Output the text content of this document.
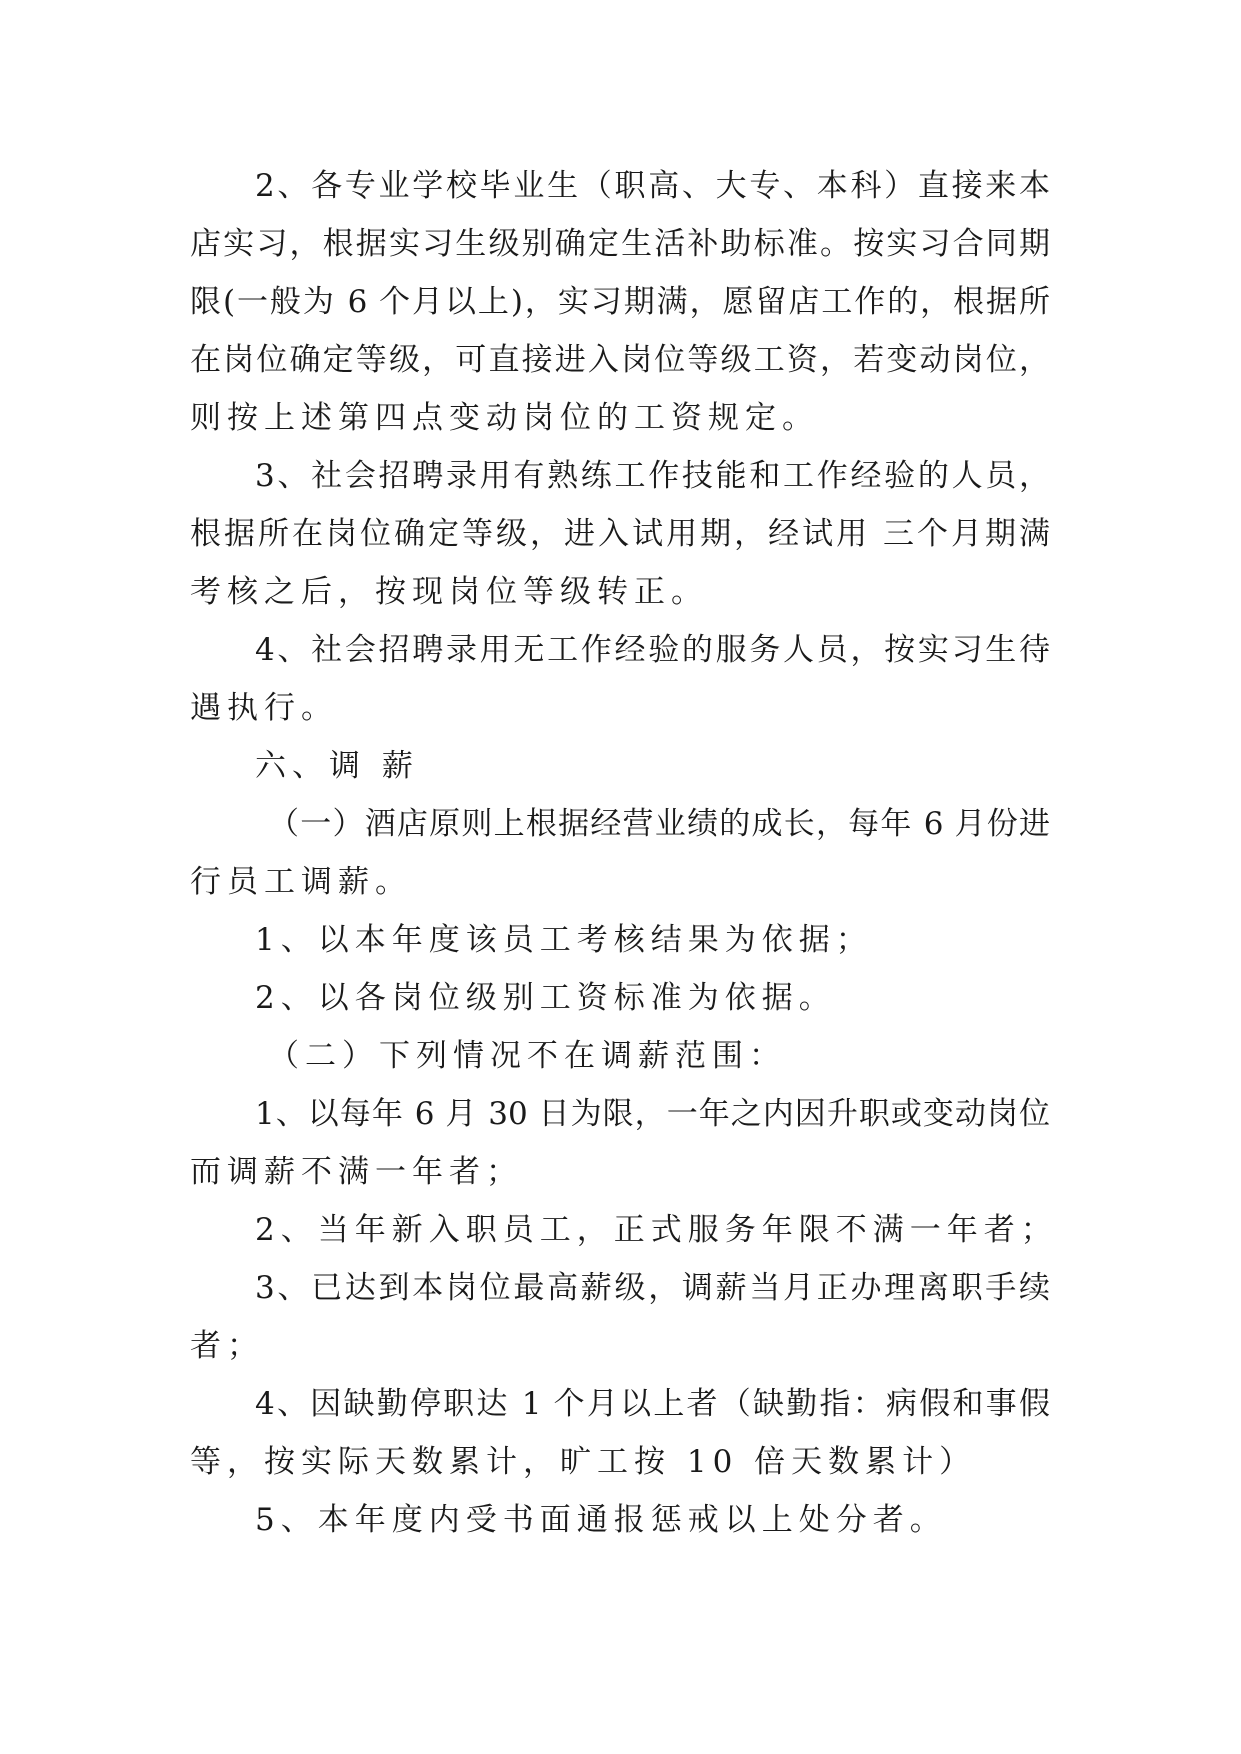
2、各专业学校毕业生（职高、大专、本科）直接来本
店实习，根据实习生级别确定生活补助标准。按实习合同期
限(一般为 6 个月以上)，实习期满，愿留店工作的，根据所
在岗位确定等级，可直接进入岗位等级工资，若变动岗位，
则按上述第四点变动岗位的工资规定。
3、社会招聘录用有熟练工作技能和工作经验的人员，
根据所在岗位确定等级，进入试用期，经试用 三个月期满
考核之后，按现岗位等级转正。
4、社会招聘录用无工作经验的服务人员，按实习生待
遇执行。
六、调 薪
（一）酒店原则上根据经营业绩的成长，每年 6 月份进
行员工调薪。
1、以本年度该员工考核结果为依据；
2、以各岗位级别工资标准为依据。
（二）下列情况不在调薪范围：
1、以每年 6 月 30 日为限，一年之内因升职或变动岗位
而调薪不满一年者；
2、当年新入职员工，正式服务年限不满一年者；
3、已达到本岗位最高薪级，调薪当月正办理离职手续
者；
4、因缺勤停职达 1 个月以上者（缺勤指：病假和事假
等，按实际天数累计，旷工按 10 倍天数累计）
5、本年度内受书面通报惩戒以上处分者。
